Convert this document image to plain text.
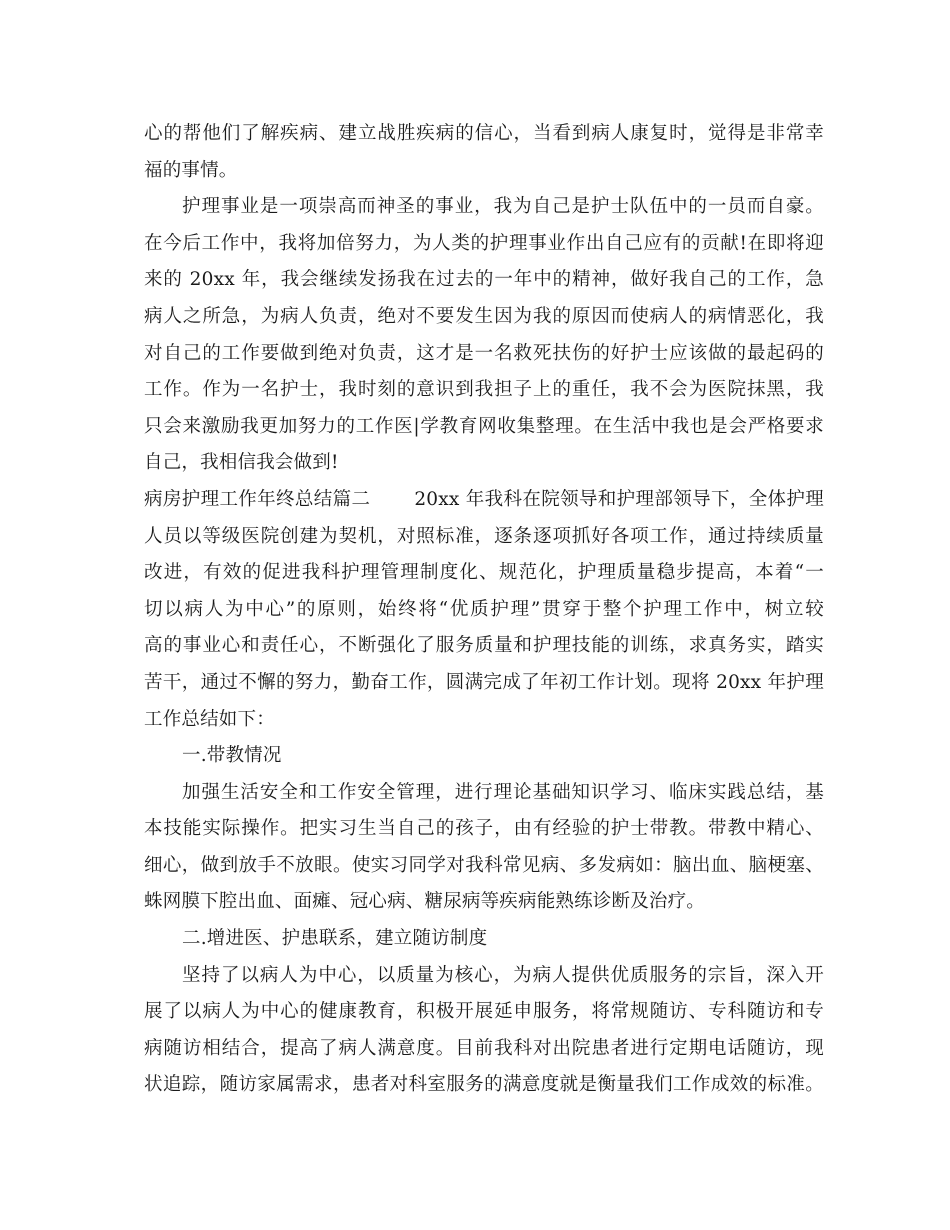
心的帮他们了解疾病、建立战胜疾病的信心，当看到病人康复时，觉得是非常幸
福的事情。
护理事业是一项崇高而神圣的事业，我为自己是护士队伍中的一员而自豪。
在今后工作中，我将加倍努力，为人类的护理事业作出自己应有的贡献!在即将迎
来的 20xx 年，我会继续发扬我在过去的一年中的精神，做好我自己的工作，急
病人之所急，为病人负责，绝对不要发生因为我的原因而使病人的病情恶化，我
对自己的工作要做到绝对负责，这才是一名救死扶伤的好护士应该做的最起码的
工作。作为一名护士，我时刻的意识到我担子上的重任，我不会为医院抹黑，我
只会来激励我更加努力的工作医|学教育网收集整理。在生活中我也是会严格要求
自己，我相信我会做到!
病房护理工作年终总结篇二　　 20xx 年我科在院领导和护理部领导下，全体护理
人员以等级医院创建为契机，对照标准，逐条逐项抓好各项工作，通过持续质量
改进，有效的促进我科护理管理制度化、规范化，护理质量稳步提高，本着“一
切以病人为中心”的原则，始终将“优质护理”贯穿于整个护理工作中，树立较
高的事业心和责任心，不断强化了服务质量和护理技能的训练，求真务实，踏实
苦干，通过不懈的努力，勤奋工作，圆满完成了年初工作计划。现将 20xx 年护理
工作总结如下：
一.带教情况
加强生活安全和工作安全管理，进行理论基础知识学习、临床实践总结，基
本技能实际操作。把实习生当自己的孩子，由有经验的护士带教。带教中精心、
细心，做到放手不放眼。使实习同学对我科常见病、多发病如：脑出血、脑梗塞、
蛛网膜下腔出血、面瘫、冠心病、糖尿病等疾病能熟练诊断及治疗。
二.增进医、护患联系，建立随访制度
坚持了以病人为中心，以质量为核心，为病人提供优质服务的宗旨，深入开
展了以病人为中心的健康教育，积极开展延申服务，将常规随访、专科随访和专
病随访相结合，提高了病人满意度。目前我科对出院患者进行定期电话随访，现
状追踪，随访家属需求，患者对科室服务的满意度就是衡量我们工作成效的标准。
